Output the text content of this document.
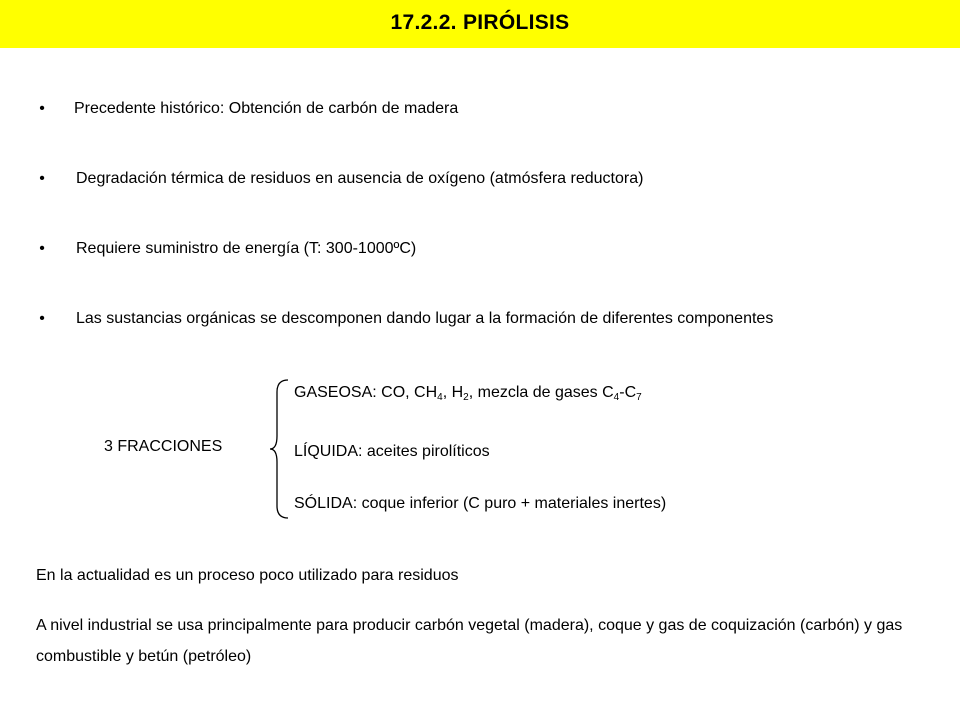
17.2.2. PIRÓLISIS
• Precedente histórico: Obtención de carbón de madera
• Degradación térmica de residuos en ausencia de oxígeno (atmósfera reductora)
• Requiere suministro de energía (T: 300-1000ºC)
• Las sustancias orgánicas se descomponen dando lugar a la formación de diferentes componentes
3 FRACCIONES
GASEOSA: CO, $CH_4$, $H_2$, mezcla de gases $C_4-C_7$
LÍQUIDA: aceites pirolíticos
SÓLIDA: coque inferior (C puro + materiales inertes)

En la actualidad es un proceso poco utilizado para residuos

A nivel industrial se usa principalmente para producir carbón vegetal (madera), coque y gas de coquización (carbón) y gas combustible y betún (petróleo)
